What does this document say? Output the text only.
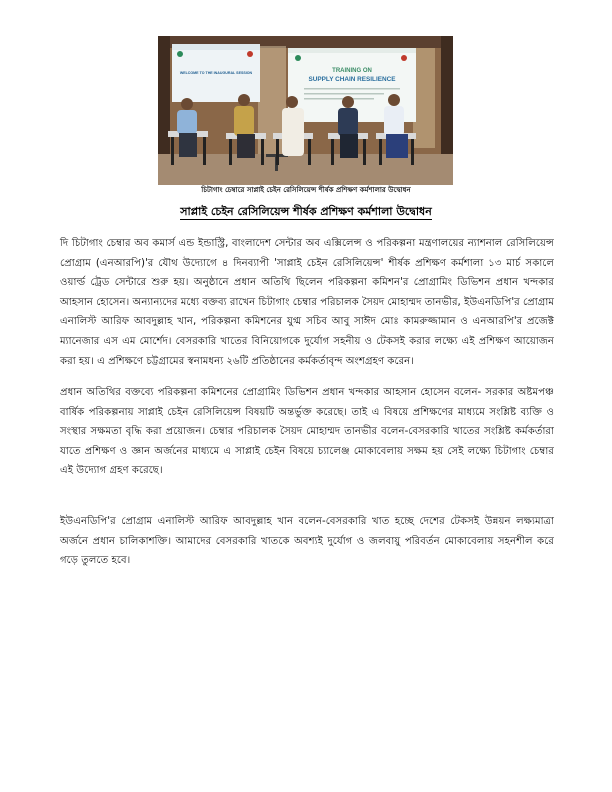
WELCOME TO THE INAUGURAL SESSION	TRAINING ON
SUPPLY CHAIN RESILIENCE
চিটাগাং চেম্বারে সাপ্লাই চেইন রেসিলিয়েন্স শীর্ষক প্রশিক্ষণ কর্মশালার উদ্বোধন
সাপ্লাই চেইন রেসিলিয়েন্স শীর্ষক প্রশিক্ষণ কর্মশালা উদ্বোধন

দি চিটাগাং চেম্বার অব কমার্স এন্ড ইন্ডাস্ট্রি, বাংলাদেশ সেন্টার অব এক্সিলেন্স ও পরিকল্পনা মন্ত্রণালয়ের ন্যাশনাল রেসিলিয়েন্স প্রোগ্রাম (এনআরপি)'র যৌথ উদ্যোগে ৪ দিনব্যাপী 'সাপ্লাই চেইন রেসিলিয়েন্স' শীর্ষক প্রশিক্ষণ কর্মশালা ১৩ মার্চ সকালে ওয়ার্ল্ড ট্রেড সেন্টারে শুরু হয়। অনুষ্ঠানে প্রধান অতিথি ছিলেন পরিকল্পনা কমিশন'র প্রোগ্রামিং ডিভিশন প্রধান খন্দকার আহসান হোসেন। অন্যান্যদের মধ্যে বক্তব্য রাখেন চিটাগাং চেম্বার পরিচালক সৈয়দ মোহাম্মদ তানভীর, ইউএনডিপি'র প্রোগ্রাম এনালিস্ট আরিফ আবদুল্লাহ খান, পরিকল্পনা কমিশনের যুগ্ম সচিব আবু সাঈদ মোঃ কামরুজ্জামান ও এনআরপি'র প্রজেক্ট ম্যানেজার এস এম মোর্শেদ। বেসরকারি খাতের বিনিয়োগকে দুর্যোগ সহনীয় ও টেকসই করার লক্ষ্যে এই প্রশিক্ষণ আয়োজন করা হয়। এ প্রশিক্ষণে চট্টগ্রামের স্বনামধন্য ২৬টি প্রতিষ্ঠানের কর্মকর্তাবৃন্দ অংশগ্রহণ করেন।

প্রধান অতিথির বক্তব্যে পরিকল্পনা কমিশনের প্রোগ্রামিং ডিভিশন প্রধান খন্দকার আহসান হোসেন বলেন- সরকার অষ্টমপঞ্চ বার্ষিক পরিকল্পনায় সাপ্লাই চেইন রেসিলিয়েন্স বিষয়টি অন্তর্ভুক্ত করেছে। তাই এ বিষয়ে প্রশিক্ষণের মাধ্যমে সংশ্লিষ্ট ব্যক্তি ও সংস্থার সক্ষমতা বৃদ্ধি করা প্রয়োজন। চেম্বার পরিচালক সৈয়দ মোহাম্মদ তানভীর বলেন-বেসরকারি খাতের সংশ্লিষ্ট কর্মকর্তারা যাতে প্রশিক্ষণ ও জ্ঞান অর্জনের মাধ্যমে এ সাপ্লাই চেইন বিষয়ে চ্যালেঞ্জ মোকাবেলায় সক্ষম হয় সেই লক্ষ্যে চিটাগাং চেম্বার এই উদ্যোগ গ্রহণ করেছে।

ইউএনডিপি'র প্রোগ্রাম এনালিস্ট আরিফ আবদুল্লাহ খান বলেন-বেসরকারি খাত হচ্ছে দেশের টেকসই উন্নয়ন লক্ষ্যমাত্রা অর্জনে প্রধান চালিকাশক্তি। আমাদের বেসরকারি খাতকে অবশ্যই দুর্যোগ ও জলবায়ু পরিবর্তন মোকাবেলায় সহনশীল করে গড়ে তুলতে হবে।
